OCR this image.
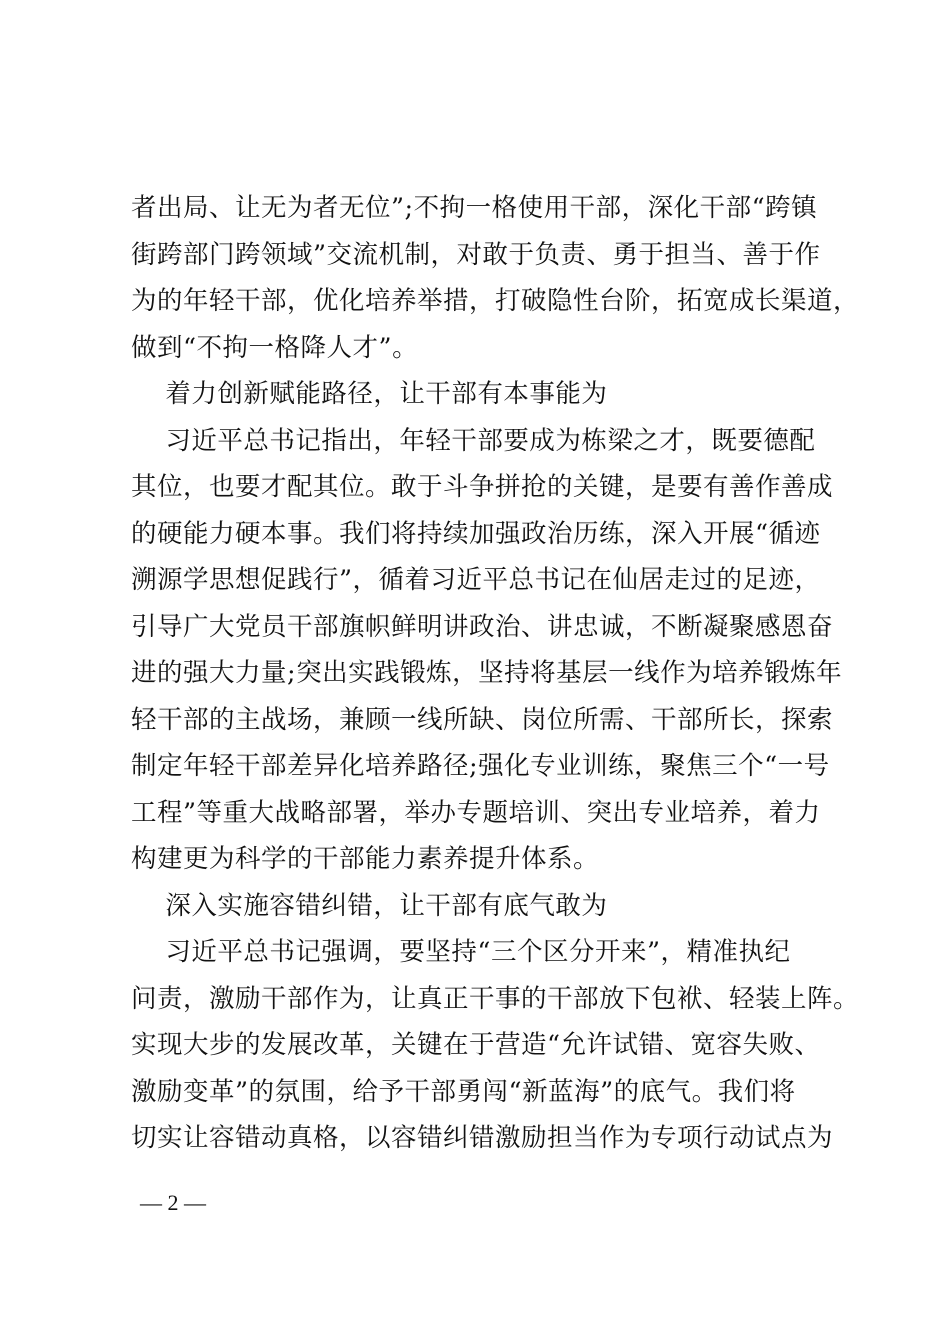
者出局、让无为者无位”;不拘一格使用干部，深化干部“跨镇
街跨部门跨领域”交流机制，对敢于负责、勇于担当、善于作
为的年轻干部，优化培养举措，打破隐性台阶，拓宽成长渠道，
做到“不拘一格降人才”。
着力创新赋能路径，让干部有本事能为
习近平总书记指出，年轻干部要成为栋梁之才，既要德配
其位，也要才配其位。敢于斗争拼抢的关键，是要有善作善成
的硬能力硬本事。我们将持续加强政治历练，深入开展“循迹
溯源学思想促践行”，循着习近平总书记在仙居走过的足迹，
引导广大党员干部旗帜鲜明讲政治、讲忠诚，不断凝聚感恩奋
进的强大力量;突出实践锻炼，坚持将基层一线作为培养锻炼年
轻干部的主战场，兼顾一线所缺、岗位所需、干部所长，探索
制定年轻干部差异化培养路径;强化专业训练，聚焦三个“一号
工程”等重大战略部署，举办专题培训、突出专业培养，着力
构建更为科学的干部能力素养提升体系。
深入实施容错纠错，让干部有底气敢为
习近平总书记强调，要坚持“三个区分开来”，精准执纪
问责，激励干部作为，让真正干事的干部放下包袱、轻装上阵。
实现大步的发展改革，关键在于营造“允许试错、宽容失败、
激励变革”的氛围，给予干部勇闯“新蓝海”的底气。我们将
切实让容错动真格，以容错纠错激励担当作为专项行动试点为
— 2 —
